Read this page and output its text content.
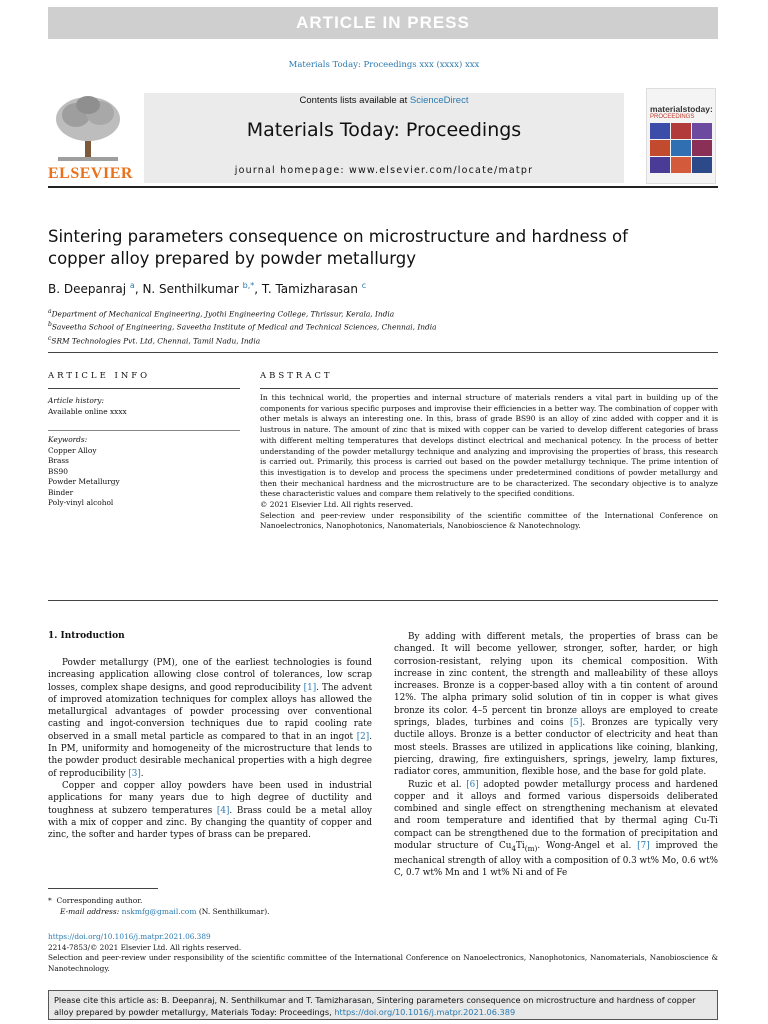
ARTICLE IN PRESS
Materials Today: Proceedings xxx (xxxx) xxx
ELSEVIER
Contents lists available at ScienceDirect
Materials Today: Proceedings
journal homepage: www.elsevier.com/locate/matpr
materialstoday:
PROCEEDINGS
Sintering parameters consequence on microstructure and hardness of copper alloy prepared by powder metallurgy
B. Deepanraj $^a$, N. Senthilkumar $^{b,*}$, T. Tamizharasan $^c$
$^a$Department of Mechanical Engineering, Jyothi Engineering College, Thrissur, Kerala, India
$^b$Saveetha School of Engineering, Saveetha Institute of Medical and Technical Sciences, Chennai, India
$^c$SRM Technologies Pvt. Ltd, Chennai, Tamil Nadu, India
ARTICLE INFO	ABSTRACT
Article history:
Available online xxxx
Keywords:
Copper Alloy
Brass
BS90
Powder Metallurgy
Binder
Poly-vinyl alcohol

In this technical world, the properties and internal structure of materials renders a vital part in building up of the components for various specific purposes and improvise their efficiencies in a better way. The combination of copper with other metals is always an interesting one. In this, brass of grade BS90 is an alloy of zinc added with copper and it is lustrous in nature. The amount of zinc that is mixed with copper can be varied to develop different categories of brass with different melting temperatures that develops distinct electrical and mechanical potency. In the process of better understanding of the powder metallurgy technique and analyzing and improvising the properties of brass, this research is carried out. Primarily, this process is carried out based on the powder metallurgy technique. The prime intention of this investigation is to develop and process the specimens under predetermined conditions of powder metallurgy and then their mechanical hardness and the microstructure are to be characterized. The secondary objective is to analyze these characteristic values and compare them relatively to the specified conditions.

© 2021 Elsevier Ltd. All rights reserved.

Selection and peer-review under responsibility of the scientific committee of the International Conference on Nanoelectronics, Nanophotonics, Nanomaterials, Nanobioscience & Nanotechnology.

1. Introduction

Powder metallurgy (PM), one of the earliest technologies is found increasing application allowing close control of tolerances, low scrap losses, complex shape designs, and good reproducibility [1]. The advent of improved atomization techniques for complex alloys has allowed the metallurgical advantages of powder processing over conventional casting and ingot-conversion techniques due to rapid cooling rate observed in a small metal particle as compared to that in an ingot [2]. In PM, uniformity and homogeneity of the microstructure that lends to the powder product desirable mechanical properties with a high degree of reproducibility [3].

Copper and copper alloy powders have been used in industrial applications for many years due to high degree of ductility and toughness at subzero temperatures [4]. Brass could be a metal alloy with a mix of copper and zinc. By changing the quantity of copper and zinc, the softer and harder types of brass can be prepared.

By adding with different metals, the properties of brass can be changed. It will become yellower, stronger, softer, harder, or high corrosion-resistant, relying upon its chemical composition. With increase in zinc content, the strength and malleability of these alloys increases. Bronze is a copper-based alloy with a tin content of around 12%. The alpha primary solid solution of tin in copper is what gives bronze its color. 4–5 percent tin bronze alloys are employed to create springs, blades, turbines and coins [5]. Bronzes are typically very ductile alloys. Bronze is a better conductor of electricity and heat than most steels. Brasses are utilized in applications like coining, blanking, piercing, drawing, fire extinguishers, springs, jewelry, lamp fixtures, radiator cores, ammunition, flexible hose, and the base for gold plate.

Ruzic et al. [6] adopted powder metallurgy process and hardened copper and it alloys and formed various dispersoids deliberated combined and single effect on strengthening mechanism at elevated and room temperature and identified that by thermal aging Cu-Ti compact can be strengthened due to the formation of precipitation and modular structure of $Cu_4Ti_{(m)}$. Wong-Angel et al. [7] improved the mechanical strength of alloy with a composition of 0.3 wt% Mo, 0.6 wt% C, 0.7 wt% Mn and 1 wt% Ni and of Fe

* Corresponding author.
E-mail address: nskmfg@gmail.com (N. Senthilkumar).
https://doi.org/10.1016/j.matpr.2021.06.389
2214-7853/© 2021 Elsevier Ltd. All rights reserved.
Selection and peer-review under responsibility of the scientific committee of the International Conference on Nanoelectronics, Nanophotonics, Nanomaterials, Nanobioscience & Nanotechnology.
Please cite this article as: B. Deepanraj, N. Senthilkumar and T. Tamizharasan, Sintering parameters consequence on microstructure and hardness of copper alloy prepared by powder metallurgy, Materials Today: Proceedings, https://doi.org/10.1016/j.matpr.2021.06.389
